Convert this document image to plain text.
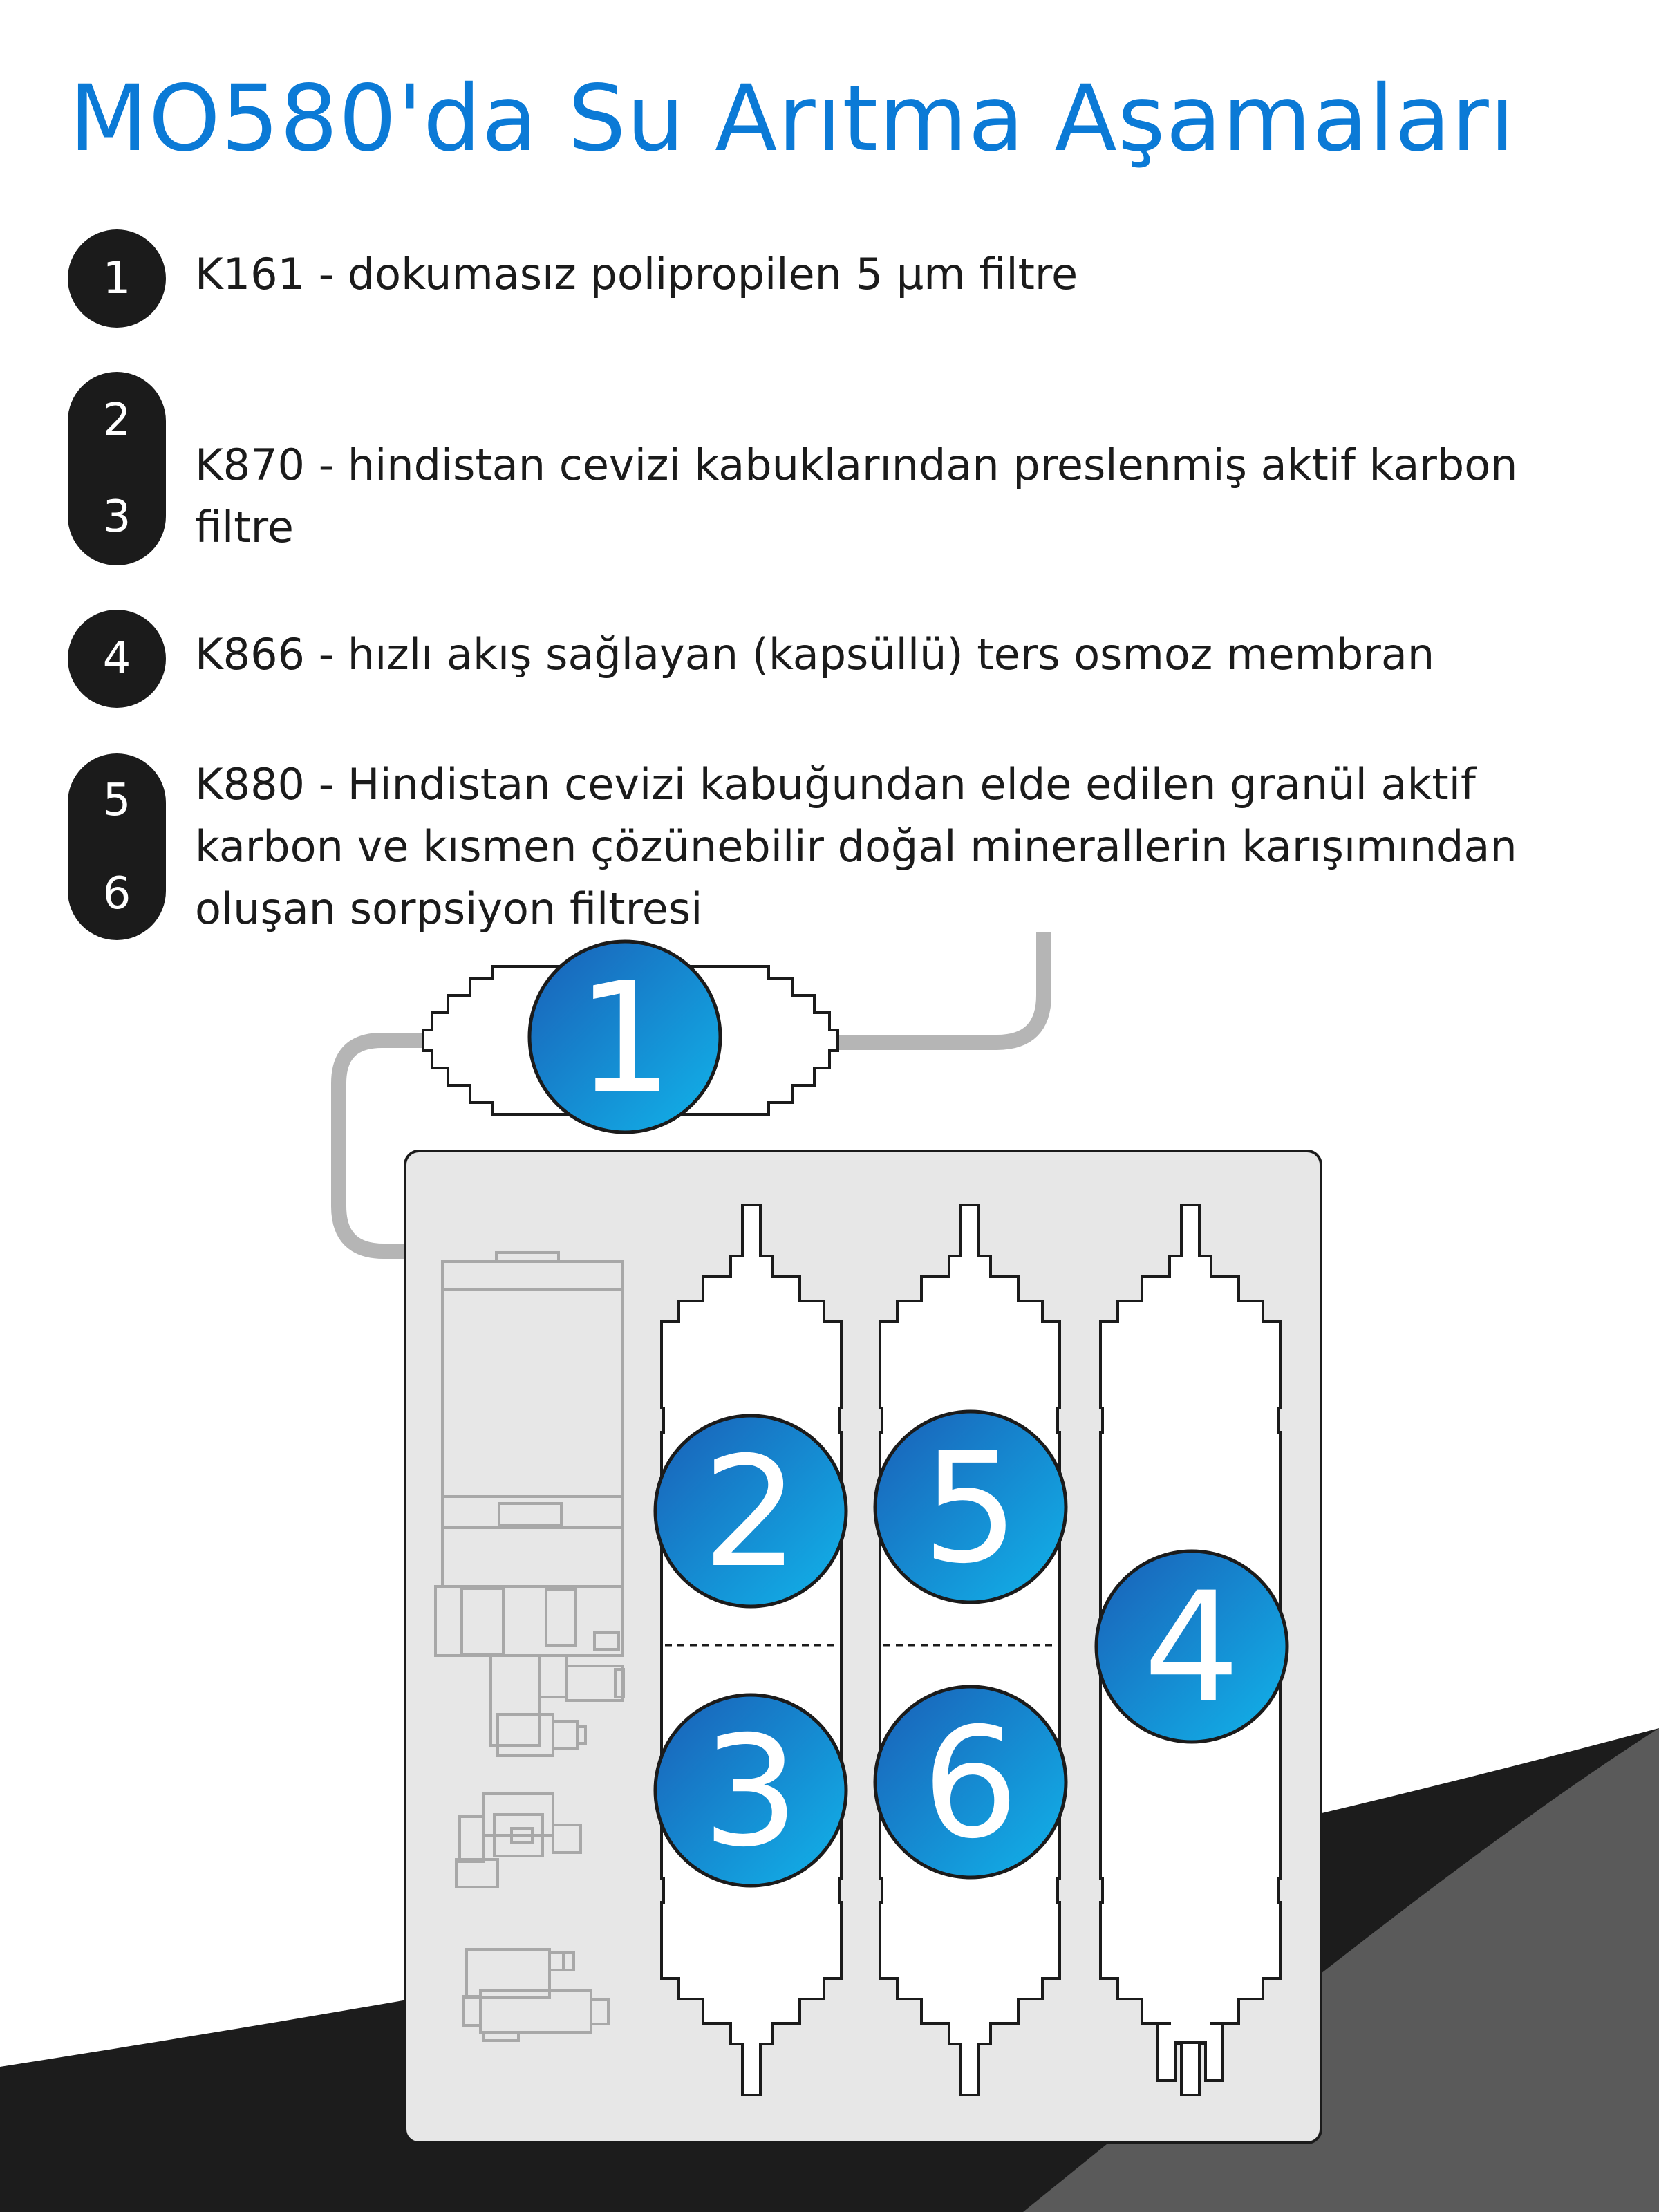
MO580'da Su Arıtma Aşamaları
1 K161 - dokumasız polipropilen 5 µm filtre
2
3
K870 - hindistan cevizi kabuklarından preslenmiş aktif karbon filtre
4 K866 - hızlı akış sağlayan (kapsüllü) ters osmoz membran
5
6
K880 - Hindistan cevizi kabuğundan elde edilen granül aktif karbon ve kısmen çözünebilir doğal minerallerin karışımından oluşan sorpsiyon filtresi
1
2
3
5
6
4
